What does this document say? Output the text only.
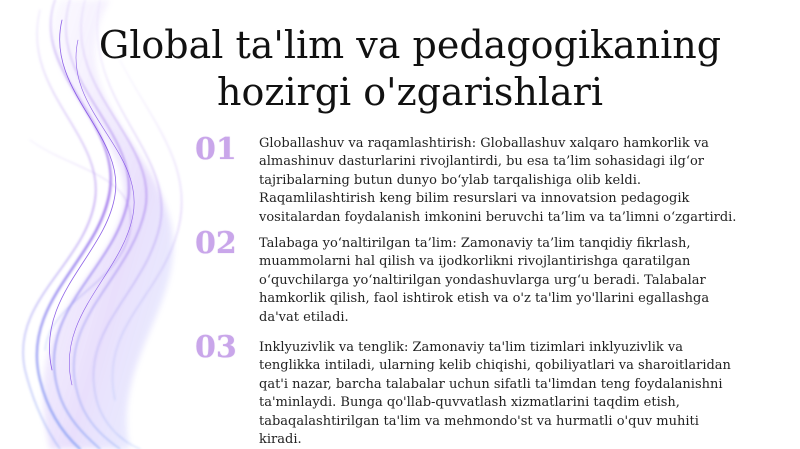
Global ta'lim va pedagogikaning hozirgi o'zgarishlari
01	Globallashuv va raqamlashtirish: Globallashuv xalqaro hamkorlik va almashinuv dasturlarini rivojlantirdi, bu esa ta’lim sohasidagi ilg‘or tajribalarning butun dunyo bo‘ylab tarqalishiga olib keldi. Raqamlilashtirish keng bilim resurslari va innovatsion pedagogik vositalardan foydalanish imkonini beruvchi ta’lim va ta’limni o‘zgartirdi.

02	Talabaga yo‘naltirilgan ta’lim: Zamonaviy ta’lim tanqidiy fikrlash, muammolarni hal qilish va ijodkorlikni rivojlantirishga qaratilgan o‘quvchilarga yo‘naltirilgan yondashuvlarga urg‘u beradi. Talabalar hamkorlik qilish, faol ishtirok etish va o'z ta'lim yo'llarini egallashga da'vat etiladi.

03	Inklyuzivlik va tenglik: Zamonaviy ta'lim tizimlari inklyuzivlik va tenglikka intiladi, ularning kelib chiqishi, qobiliyatlari va sharoitlaridan qat'i nazar, barcha talabalar uchun sifatli ta'limdan teng foydalanishni ta'minlaydi. Bunga qo'llab-quvvatlash xizmatlarini taqdim etish, tabaqalashtirilgan ta'lim va mehmondo'st va hurmatli o'quv muhiti kiradi.
